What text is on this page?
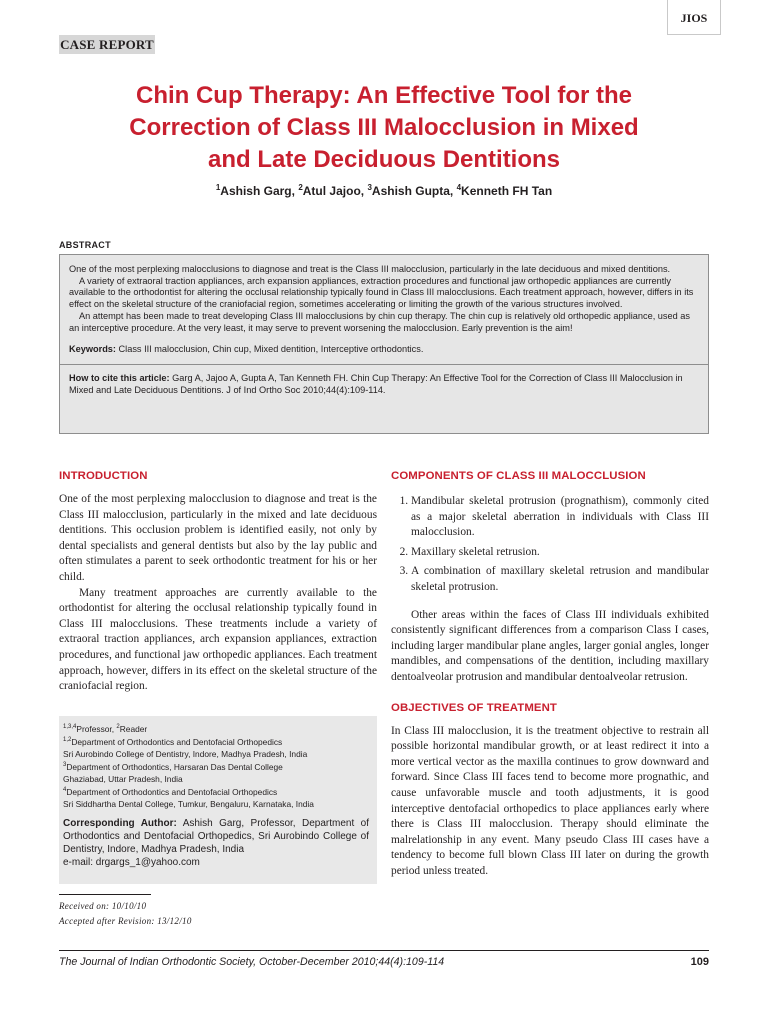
JIOS
CASE REPORT
Chin Cup Therapy: An Effective Tool for the
Correction of Class III Malocclusion in Mixed
and Late Deciduous Dentitions
$^1$Ashish Garg, $^2$Atul Jajoo, $^3$Ashish Gupta, $^4$Kenneth FH Tan
ABSTRACT

One of the most perplexing malocclusions to diagnose and treat is the Class III malocclusion, particularly in the late deciduous and mixed dentitions.

A variety of extraoral traction appliances, arch expansion appliances, extraction procedures and functional jaw orthopedic appliances are currently available to the orthodontist for altering the occlusal relationship typically found in Class III malocclusions. Each treatment approach, however, differs in its effect on the skeletal structure of the craniofacial region, sometimes accelerating or limiting the growth of the various structures involved.

An attempt has been made to treat developing Class III malocclusions by chin cup therapy. The chin cup is relatively old orthopedic appliance, used as an interceptive procedure. At the very least, it may serve to prevent worsening the malocclusion. Early prevention is the aim!

Keywords: Class III malocclusion, Chin cup, Mixed dentition, Interceptive orthodontics.

How to cite this article: Garg A, Jajoo A, Gupta A, Tan Kenneth FH. Chin Cup Therapy: An Effective Tool for the Correction of Class III Malocclusion in Mixed and Late Deciduous Dentitions. J of Ind Ortho Soc 2010;44(4):109-114.

INTRODUCTION

One of the most perplexing malocclusion to diagnose and treat is the Class III malocclusion, particularly in the mixed and late deciduous dentitions. This occlusion problem is identified easily, not only by dental specialists and general dentists but also by the lay public and often stimulates a parent to seek orthodontic treatment for his or her child.

Many treatment approaches are currently available to the orthodontist for altering the occlusal relationship typically found in Class III malocclusions. These treatments include a variety of extraoral traction appliances, arch expansion appliances, extraction procedures, and functional jaw orthopedic appliances. Each treatment approach, however, differs in its effect on the skeletal structure of the craniofacial region.

$^{1,3,4}$Professor, $^2$Reader

$^{1,2}$Department of Orthodontics and Dentofacial Orthopedics

Sri Aurobindo College of Dentistry, Indore, Madhya Pradesh, India

$^3$Department of Orthodontics, Harsaran Das Dental College

Ghaziabad, Uttar Pradesh, India

$^4$Department of Orthodontics and Dentofacial Orthopedics

Sri Siddhartha Dental College, Tumkur, Bengaluru, Karnataka, India

Corresponding Author: Ashish Garg, Professor, Department of Orthodontics and Dentofacial Orthopedics, Sri Aurobindo College of Dentistry, Indore, Madhya Pradesh, India
e-mail: drgargs_1@yahoo.com

Received on: 10/10/10
Accepted after Revision: 13/12/10
COMPONENTS OF CLASS III MALOCCLUSION
1. Mandibular skeletal protrusion (prognathism), commonly cited as a major skeletal aberration in individuals with Class III malocclusion.
2. Maxillary skeletal retrusion.
3. A combination of maxillary skeletal retrusion and mandibular skeletal protrusion.

Other areas within the faces of Class III individuals exhibited consistently significant differences from a comparison Class I cases, including larger mandibular plane angles, larger gonial angles, longer mandibles, and compensations of the dentition, including maxillary dentoalveolar protrusion and mandibular dentoalveolar retrusion.

OBJECTIVES OF TREATMENT

In Class III malocclusion, it is the treatment objective to restrain all possible horizontal mandibular growth, or at least redirect it into a more vertical vector as the maxilla continues to grow downward and forward. Since Class III faces tend to become more prognathic, and cause unfavorable muscle and tooth adjustments, it is good interceptive dentofacial orthopedics to place appliances early where there is Class III malocclusion. Therapy should eliminate the malrelationship in any event. Many pseudo Class III cases have a tendency to become full blown Class III later on during the growth period unless treated.

The Journal of Indian Orthodontic Society, October-December 2010;44(4):109-114	109
